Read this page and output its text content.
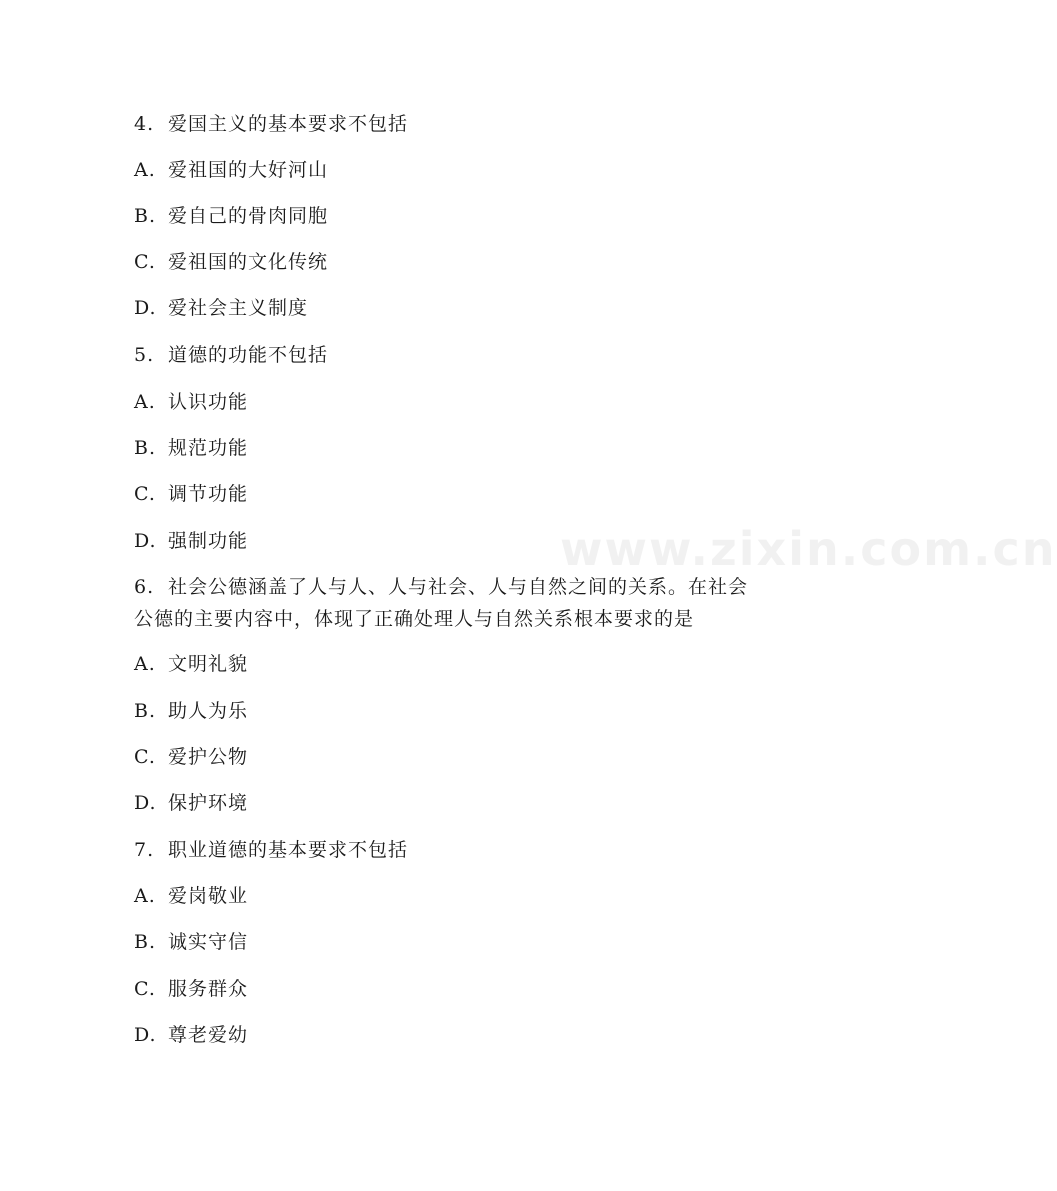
www.zixin.com.cn
4. 爱国主义的基本要求不包括
A. 爱祖国的大好河山
B. 爱自己的骨肉同胞
C. 爱祖国的文化传统
D. 爱社会主义制度
5. 道德的功能不包括
A. 认识功能
B. 规范功能
C. 调节功能
D. 强制功能
6. 社会公德涵盖了人与人、人与社会、人与自然之间的关系。在社会
公德的主要内容中，体现了正确处理人与自然关系根本要求的是
A. 文明礼貌
B. 助人为乐
C. 爱护公物
D. 保护环境
7. 职业道德的基本要求不包括
A. 爱岗敬业
B. 诚实守信
C. 服务群众
D. 尊老爱幼
